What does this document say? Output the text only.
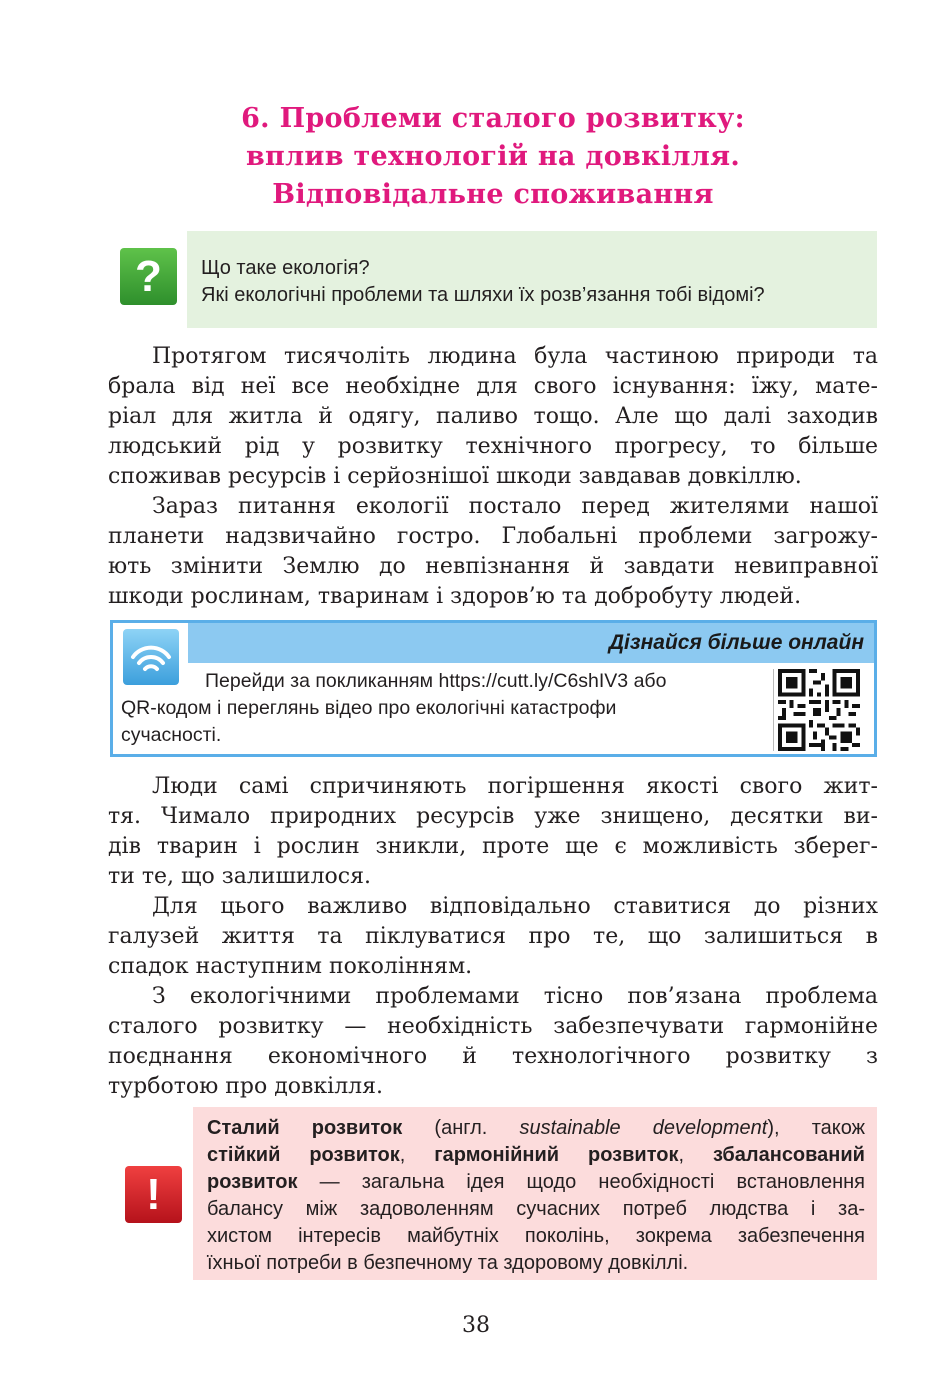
6. Проблеми сталого розвитку:
вплив технологій на довкілля.
Відповідальне споживання
?	Що таке екологія?
Які екологічні проблеми та шляхи їх розв’язання тобі відомі?
Протягом тисячоліть людина була частиною природи та
брала від неї все необхідне для свого існування: їжу, мате-
ріал для житла й одягу, паливо тощо. Але що далі заходив
людський рід у розвитку технічного прогресу, то більше
споживав ресурсів і серйознішої шкоди завдавав довкіллю.
Зараз питання екології постало перед жителями нашої
планети надзвичайно гостро. Глобальні проблеми загрожу-
ють змінити Землю до невпізнання й завдати невиправної
шкоди рослинам, тваринам і здоров’ю та добробуту людей.
Дізнайся більше онлайн
Перейди за покликанням https://cutt.ly/C6shIV3 або
QR-кодом і переглянь відео про екологічні катастрофи
сучасності.
Люди самі спричиняють погіршення якості свого жит-
тя. Чимало природних ресурсів уже знищено, десятки ви-
дів тварин і рослин зникли, проте ще є можливість зберег-
ти те, що залишилося.
Для цього важливо відповідально ставитися до різних
галузей життя та піклуватися про те, що залишиться в
спадок наступним поколінням.
З екологічними проблемами тісно пов’язана проблема
сталого розвитку — необхідність забезпечувати гармонійне
поєднання економічного й технологічного розвитку з
турботою про довкілля.
!
Сталий розвиток (англ. sustainable development), також
стійкий розвиток, гармонійний розвиток, збалансований
розвиток — загальна ідея щодо необхідності встановлення
балансу між задоволенням сучасних потреб людства і за-
хистом інтересів майбутніх поколінь, зокрема забезпечення
їхньої потреби в безпечному та здоровому довкіллі.
38
